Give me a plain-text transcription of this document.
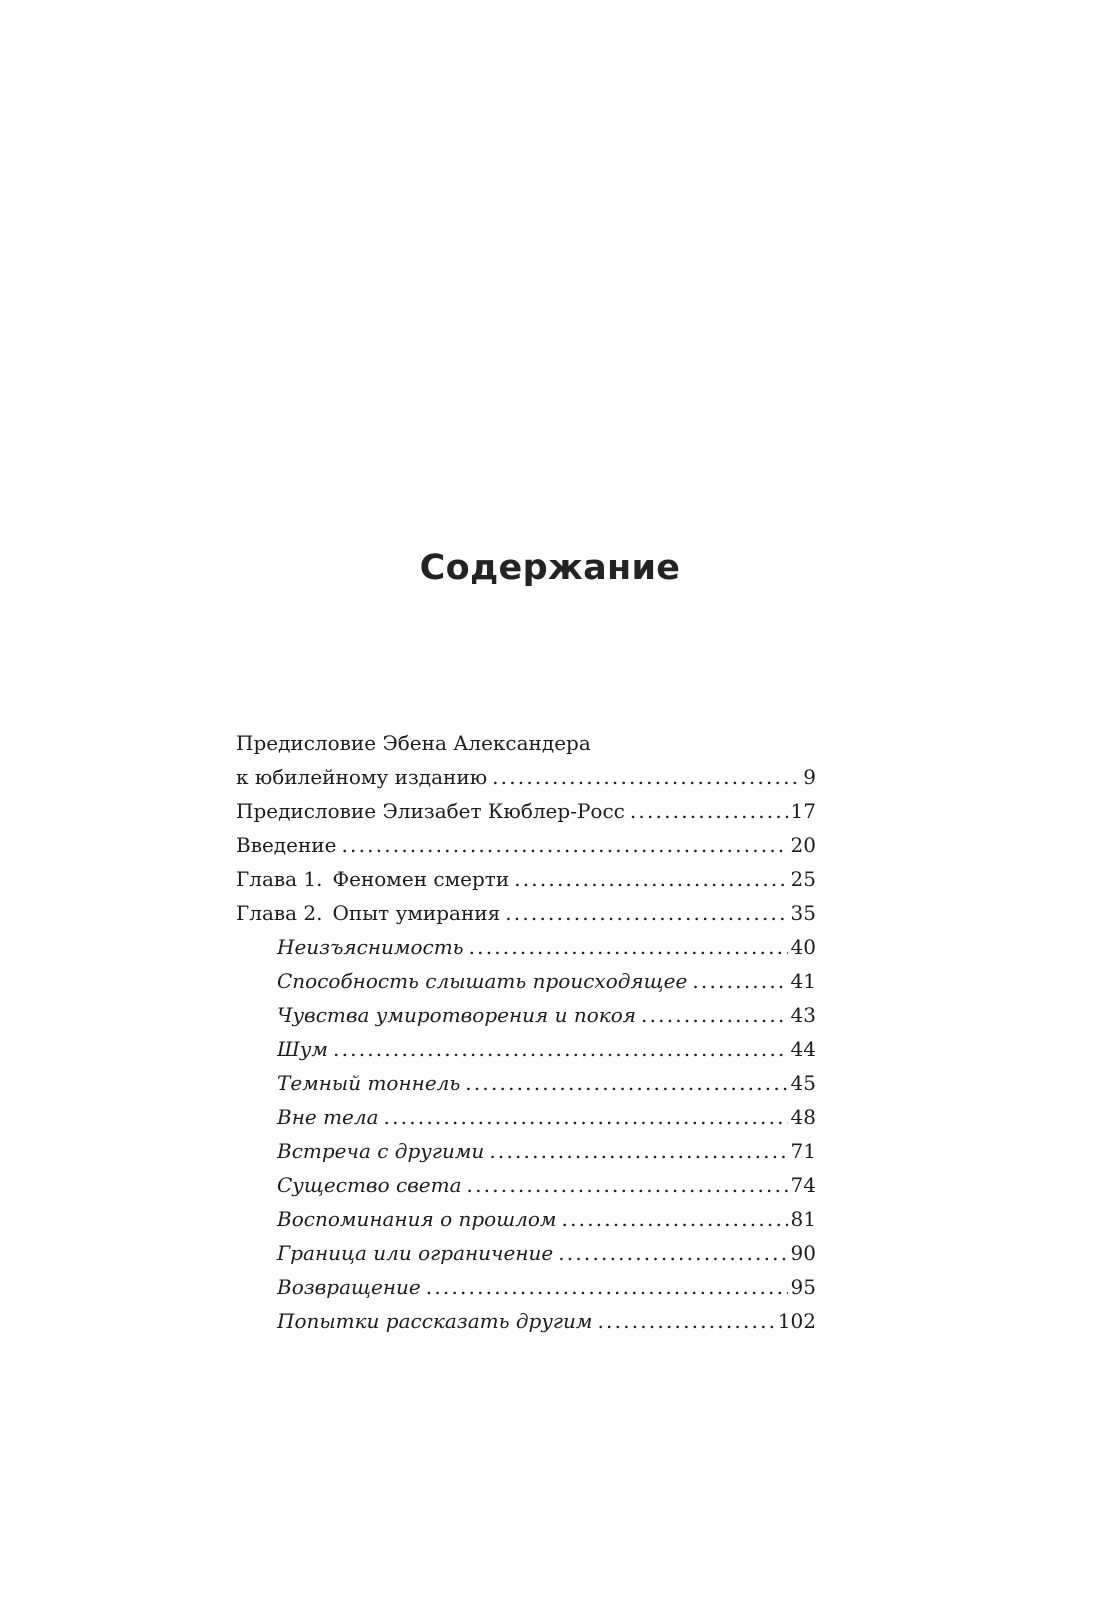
Содержание
Предисловие Эбена Александера
к юбилейному изданию .....	9
Предисловие Элизабет Кюблер-Росс .....	17
Введение .....	20
Глава 1. Феномен смерти .....	25
Глава 2. Опыт умирания .....	35
Неизъяснимость .....	40
Способность слышать происходящее .....	41
Чувства умиротворения и покоя .....	43
Шум .....	44
Темный тоннель .....	45
Вне тела .....	48
Встреча с другими .....	71
Существо света .....	74
Воспоминания о прошлом .....	81
Граница или ограничение .....	90
Возвращение .....	95
Попытки рассказать другим .....	102
